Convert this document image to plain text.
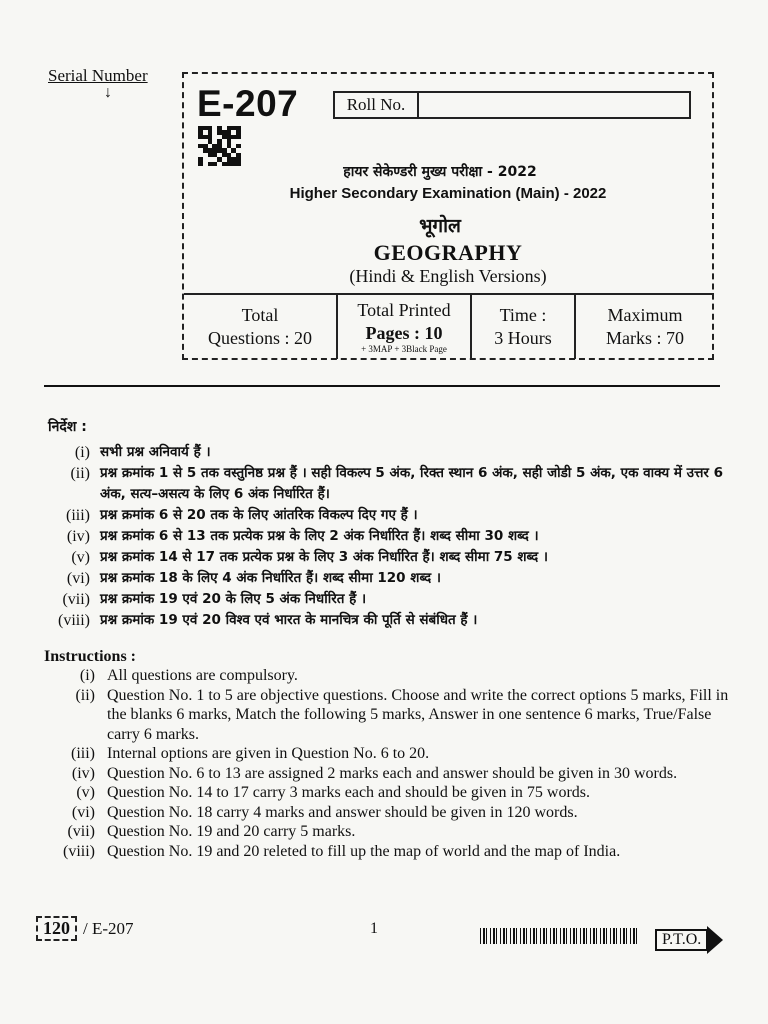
Serial Number
↓ E-207	Roll No.
हायर सेकेण्डरी मुख्य परीक्षा - 2022
Higher Secondary Examination (Main) - 2022
भूगोल
GEOGRAPHY
(Hindi & English Versions)
Total
Questions : 20
Total Printed
Pages : 10
+ 3MAP + 3Black Page
Time :
3 Hours
Maximum
Marks : 70
निर्देश :
(i) सभी प्रश्न अनिवार्य हैं ।
(ii) प्रश्न क्रमांक 1 से 5 तक वस्तुनिष्ठ प्रश्न हैं । सही विकल्प 5 अंक, रिक्त स्थान 6 अंक, सही जोडी 5 अंक, एक वाक्य में उत्तर 6 अंक, सत्य–असत्य के लिए 6 अंक निर्धारित हैं।
(iii) प्रश्न क्रमांक 6 से 20 तक के लिए आंतरिक विकल्प दिए गए हैं ।
(iv) प्रश्न क्रमांक 6 से 13 तक प्रत्येक प्रश्न के लिए 2 अंक निर्धारित हैं। शब्द सीमा 30 शब्द ।
(v) प्रश्न क्रमांक 14 से 17 तक प्रत्येक प्रश्न के लिए 3 अंक निर्धारित हैं। शब्द सीमा 75 शब्द ।
(vi) प्रश्न क्रमांक 18 के लिए 4 अंक निर्धारित हैं। शब्द सीमा 120 शब्द ।
(vii) प्रश्न क्रमांक 19 एवं 20 के लिए 5 अंक निर्धारित हैं ।
(viii) प्रश्न क्रमांक 19 एवं 20 विश्व एवं भारत के मानचित्र की पूर्ति से संबंधित हैं ।
Instructions :
(i) All questions are compulsory.
(ii) Question No. 1 to 5 are objective questions. Choose and write the correct options 5 marks, Fill in the blanks 6 marks, Match the following 5 marks, Answer in one sentence 6 marks, True/False carry 6 marks.
(iii) Internal options are given in Question No. 6 to 20.
(iv) Question No. 6 to 13 are assigned 2 marks each and answer should be given in 30 words.
(v) Question No. 14 to 17 carry 3 marks each and should be given in 75 words.
(vi) Question No. 18 carry 4 marks and answer should be given in 120 words.
(vii) Question No. 19 and 20 carry 5 marks.
(viii) Question No. 19 and 20 releted to fill up the map of world and the map of India.
120 / E-207	1
P.T.O.
